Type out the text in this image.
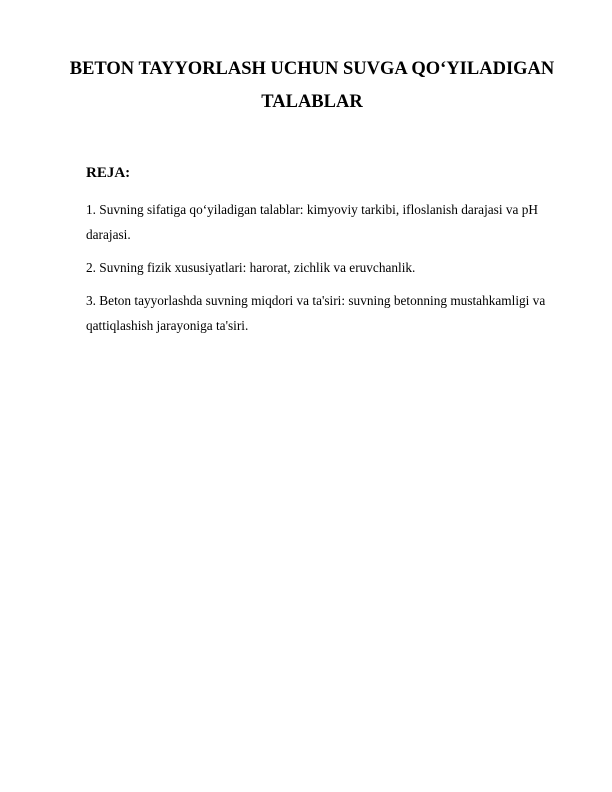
BETON TAYYORLASH UCHUN SUVGA QO‘YILADIGAN
TALABLAR
REJA:

1. Suvning sifatiga qo‘yiladigan talablar: kimyoviy tarkibi, ifloslanish darajasi va pH darajasi.

2. Suvning fizik xususiyatlari: harorat, zichlik va eruvchanlik.

3. Beton tayyorlashda suvning miqdori va ta'siri: suvning betonning mustahkamligi va qattiqlashish jarayoniga ta'siri.
